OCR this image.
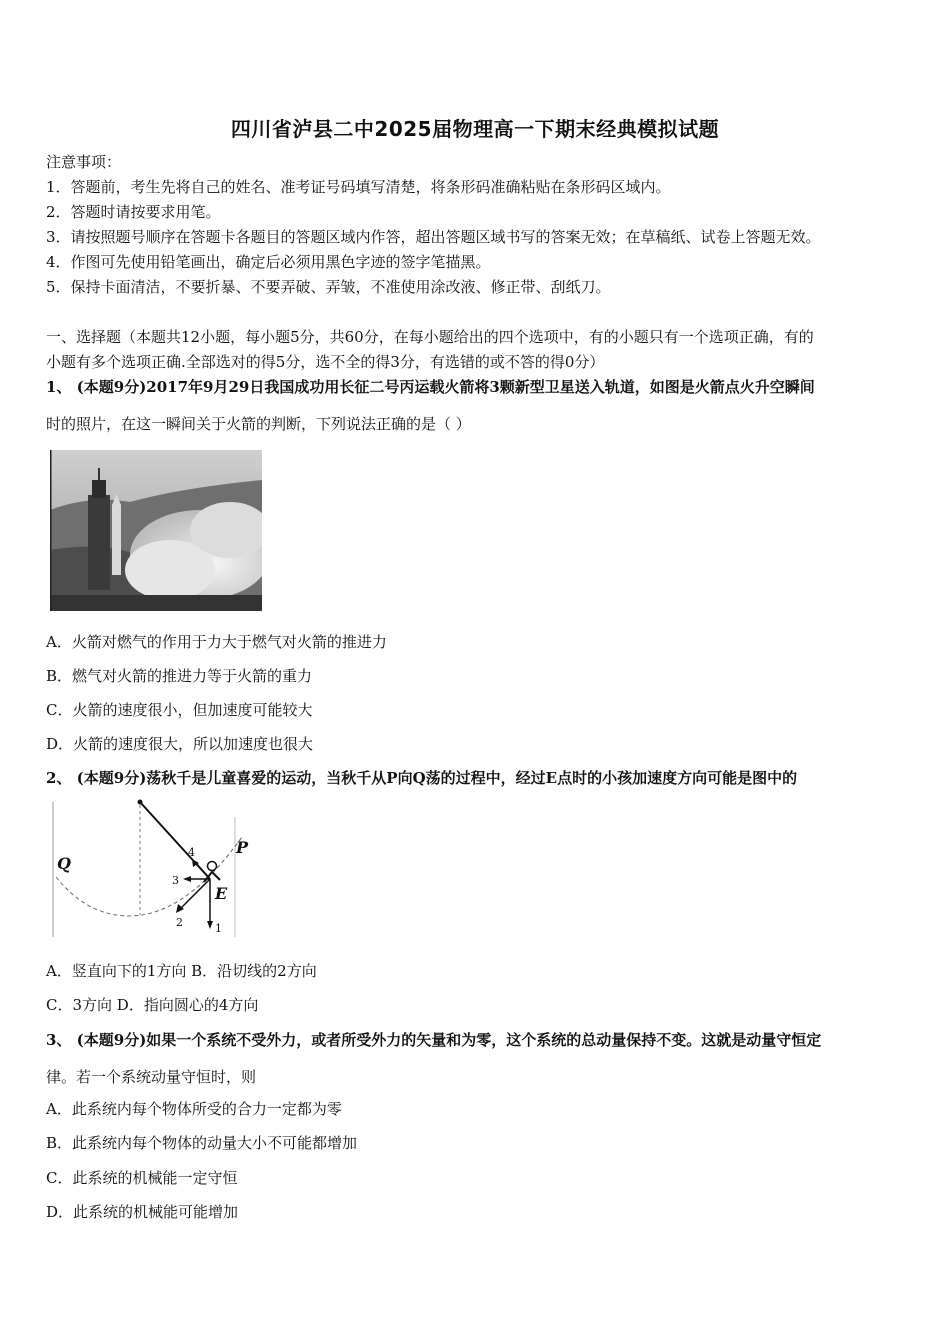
四川省泸县二中2025届物理高一下期末经典模拟试题
注意事项：
1．答题前，考生先将自己的姓名、准考证号码填写清楚，将条形码准确粘贴在条形码区域内。
2．答题时请按要求用笔。
3．请按照题号顺序在答题卡各题目的答题区域内作答，超出答题区域书写的答案无效；在草稿纸、试卷上答题无效。
4．作图可先使用铅笔画出，确定后必须用黑色字迹的签字笔描黑。
5．保持卡面清洁，不要折暴、不要弄破、弄皱，不准使用涂改液、修正带、刮纸刀。
一、选择题（本题共12小题，每小题5分，共60分，在每小题给出的四个选项中，有的小题只有一个选项正确，有的
小题有多个选项正确.全部选对的得5分，选不全的得3分，有选错的或不答的得0分）
1、 (本题9分)2017年9月29日我国成功用长征二号丙运载火箭将3颗新型卫星送入轨道，如图是火箭点火升空瞬间
时的照片，在这一瞬间关于火箭的判断，下列说法正确的是（ ）
A．火箭对燃气的作用于力大于燃气对火箭的推进力
B．燃气对火箭的推进力等于火箭的重力
C．火箭的速度很小，但加速度可能较大
D．火箭的速度很大，所以加速度也很大
2、 (本题9分)荡秋千是儿童喜爱的运动，当秋千从P向Q荡的过程中，经过E点时的小孩加速度方向可能是图中的
P
Q
E
1
2
3
4
A．竖直向下的1方向 B．沿切线的2方向
C．3方向 D．指向圆心的4方向
3、 (本题9分)如果一个系统不受外力，或者所受外力的矢量和为零，这个系统的总动量保持不变。这就是动量守恒定
律。若一个系统动量守恒时，则
A．此系统内每个物体所受的合力一定都为零
B．此系统内每个物体的动量大小不可能都增加
C．此系统的机械能一定守恒
D．此系统的机械能可能增加
